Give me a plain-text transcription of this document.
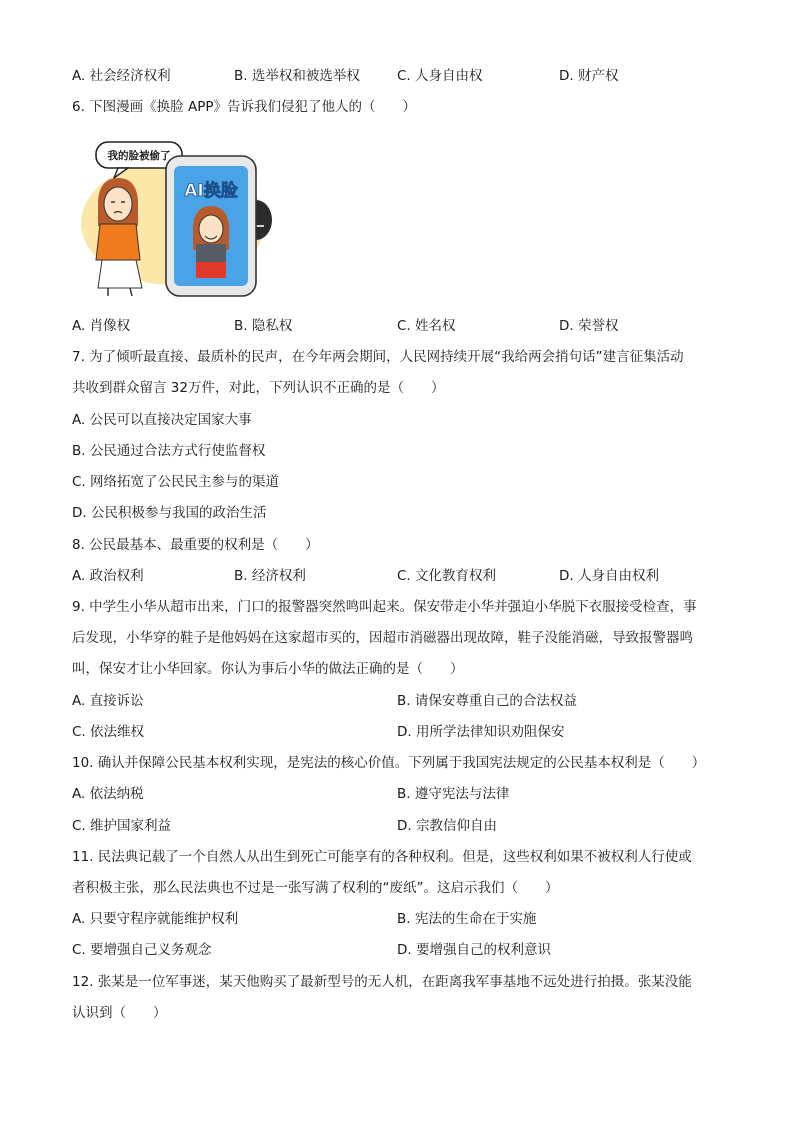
A. 社会经济权利	B. 选举权和被选举权	C. 人身自由权	D. 财产权
6. 下图漫画《换脸 APP》告诉我们侵犯了他人的（　　）
我的脸被偷了
AI换脸
A. 肖像权	B. 隐私权	C. 姓名权	D. 荣誉权
7. 为了倾听最直接、最质朴的民声，在今年两会期间，人民网持续开展“我给两会捎句话”建言征集活动
共收到群众留言 32万件，对此，下列认识不正确的是（　　）
A. 公民可以直接决定国家大事
B. 公民通过合法方式行使监督权
C. 网络拓宽了公民民主参与的渠道
D. 公民积极参与我国的政治生活
8. 公民最基本、最重要的权利是（　　）
A. 政治权利	B. 经济权利	C. 文化教育权利	D. 人身自由权利
9. 中学生小华从超市出来，门口的报警器突然鸣叫起来。保安带走小华并强迫小华脱下衣服接受检查，事
后发现，小华穿的鞋子是他妈妈在这家超市买的，因超市消磁器出现故障，鞋子没能消磁，导致报警器鸣
叫，保安才让小华回家。你认为事后小华的做法正确的是（　　）
A. 直接诉讼	B. 请保安尊重自己的合法权益
C. 依法维权	D. 用所学法律知识劝阻保安
10. 确认并保障公民基本权利实现，是宪法的核心价值。下列属于我国宪法规定的公民基本权利是（　　）
A. 依法纳税	B. 遵守宪法与法律
C. 维护国家利益	D. 宗教信仰自由
11. 民法典记载了一个自然人从出生到死亡可能享有的各种权利。但是，这些权利如果不被权利人行使或
者积极主张，那么民法典也不过是一张写满了权利的“废纸”。这启示我们（　　）
A. 只要守程序就能维护权利	B. 宪法的生命在于实施
C. 要增强自己义务观念	D. 要增强自己的权利意识
12. 张某是一位军事迷，某天他购买了最新型号的无人机，在距离我军事基地不远处进行拍摄。张某没能
认识到（　　）
